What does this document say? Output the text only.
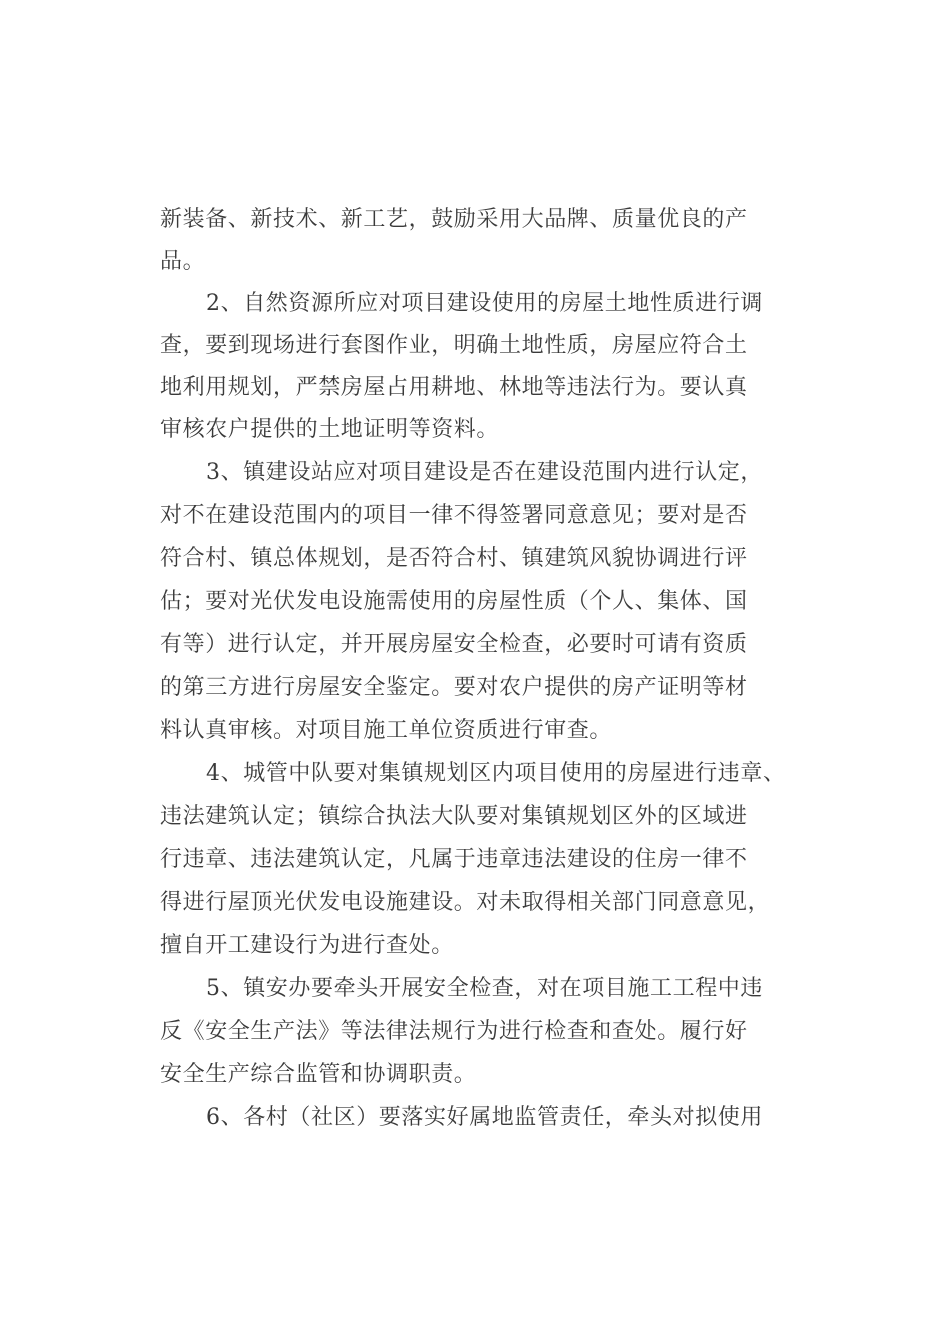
新装备、新技术、新工艺，鼓励采用大品牌、质量优良的产
品。
2、自然资源所应对项目建设使用的房屋土地性质进行调
查，要到现场进行套图作业，明确土地性质，房屋应符合土
地利用规划，严禁房屋占用耕地、林地等违法行为。要认真
审核农户提供的土地证明等资料。
3、镇建设站应对项目建设是否在建设范围内进行认定，
对不在建设范围内的项目一律不得签署同意意见；要对是否
符合村、镇总体规划，是否符合村、镇建筑风貌协调进行评
估；要对光伏发电设施需使用的房屋性质（个人、集体、国
有等）进行认定，并开展房屋安全检查，必要时可请有资质
的第三方进行房屋安全鉴定。要对农户提供的房产证明等材
料认真审核。对项目施工单位资质进行审查。
4、城管中队要对集镇规划区内项目使用的房屋进行违章、
违法建筑认定；镇综合执法大队要对集镇规划区外的区域进
行违章、违法建筑认定，凡属于违章违法建设的住房一律不
得进行屋顶光伏发电设施建设。对未取得相关部门同意意见，
擅自开工建设行为进行查处。
5、镇安办要牵头开展安全检查，对在项目施工工程中违
反《安全生产法》等法律法规行为进行检查和查处。履行好
安全生产综合监管和协调职责。
6、各村（社区）要落实好属地监管责任，牵头对拟使用
